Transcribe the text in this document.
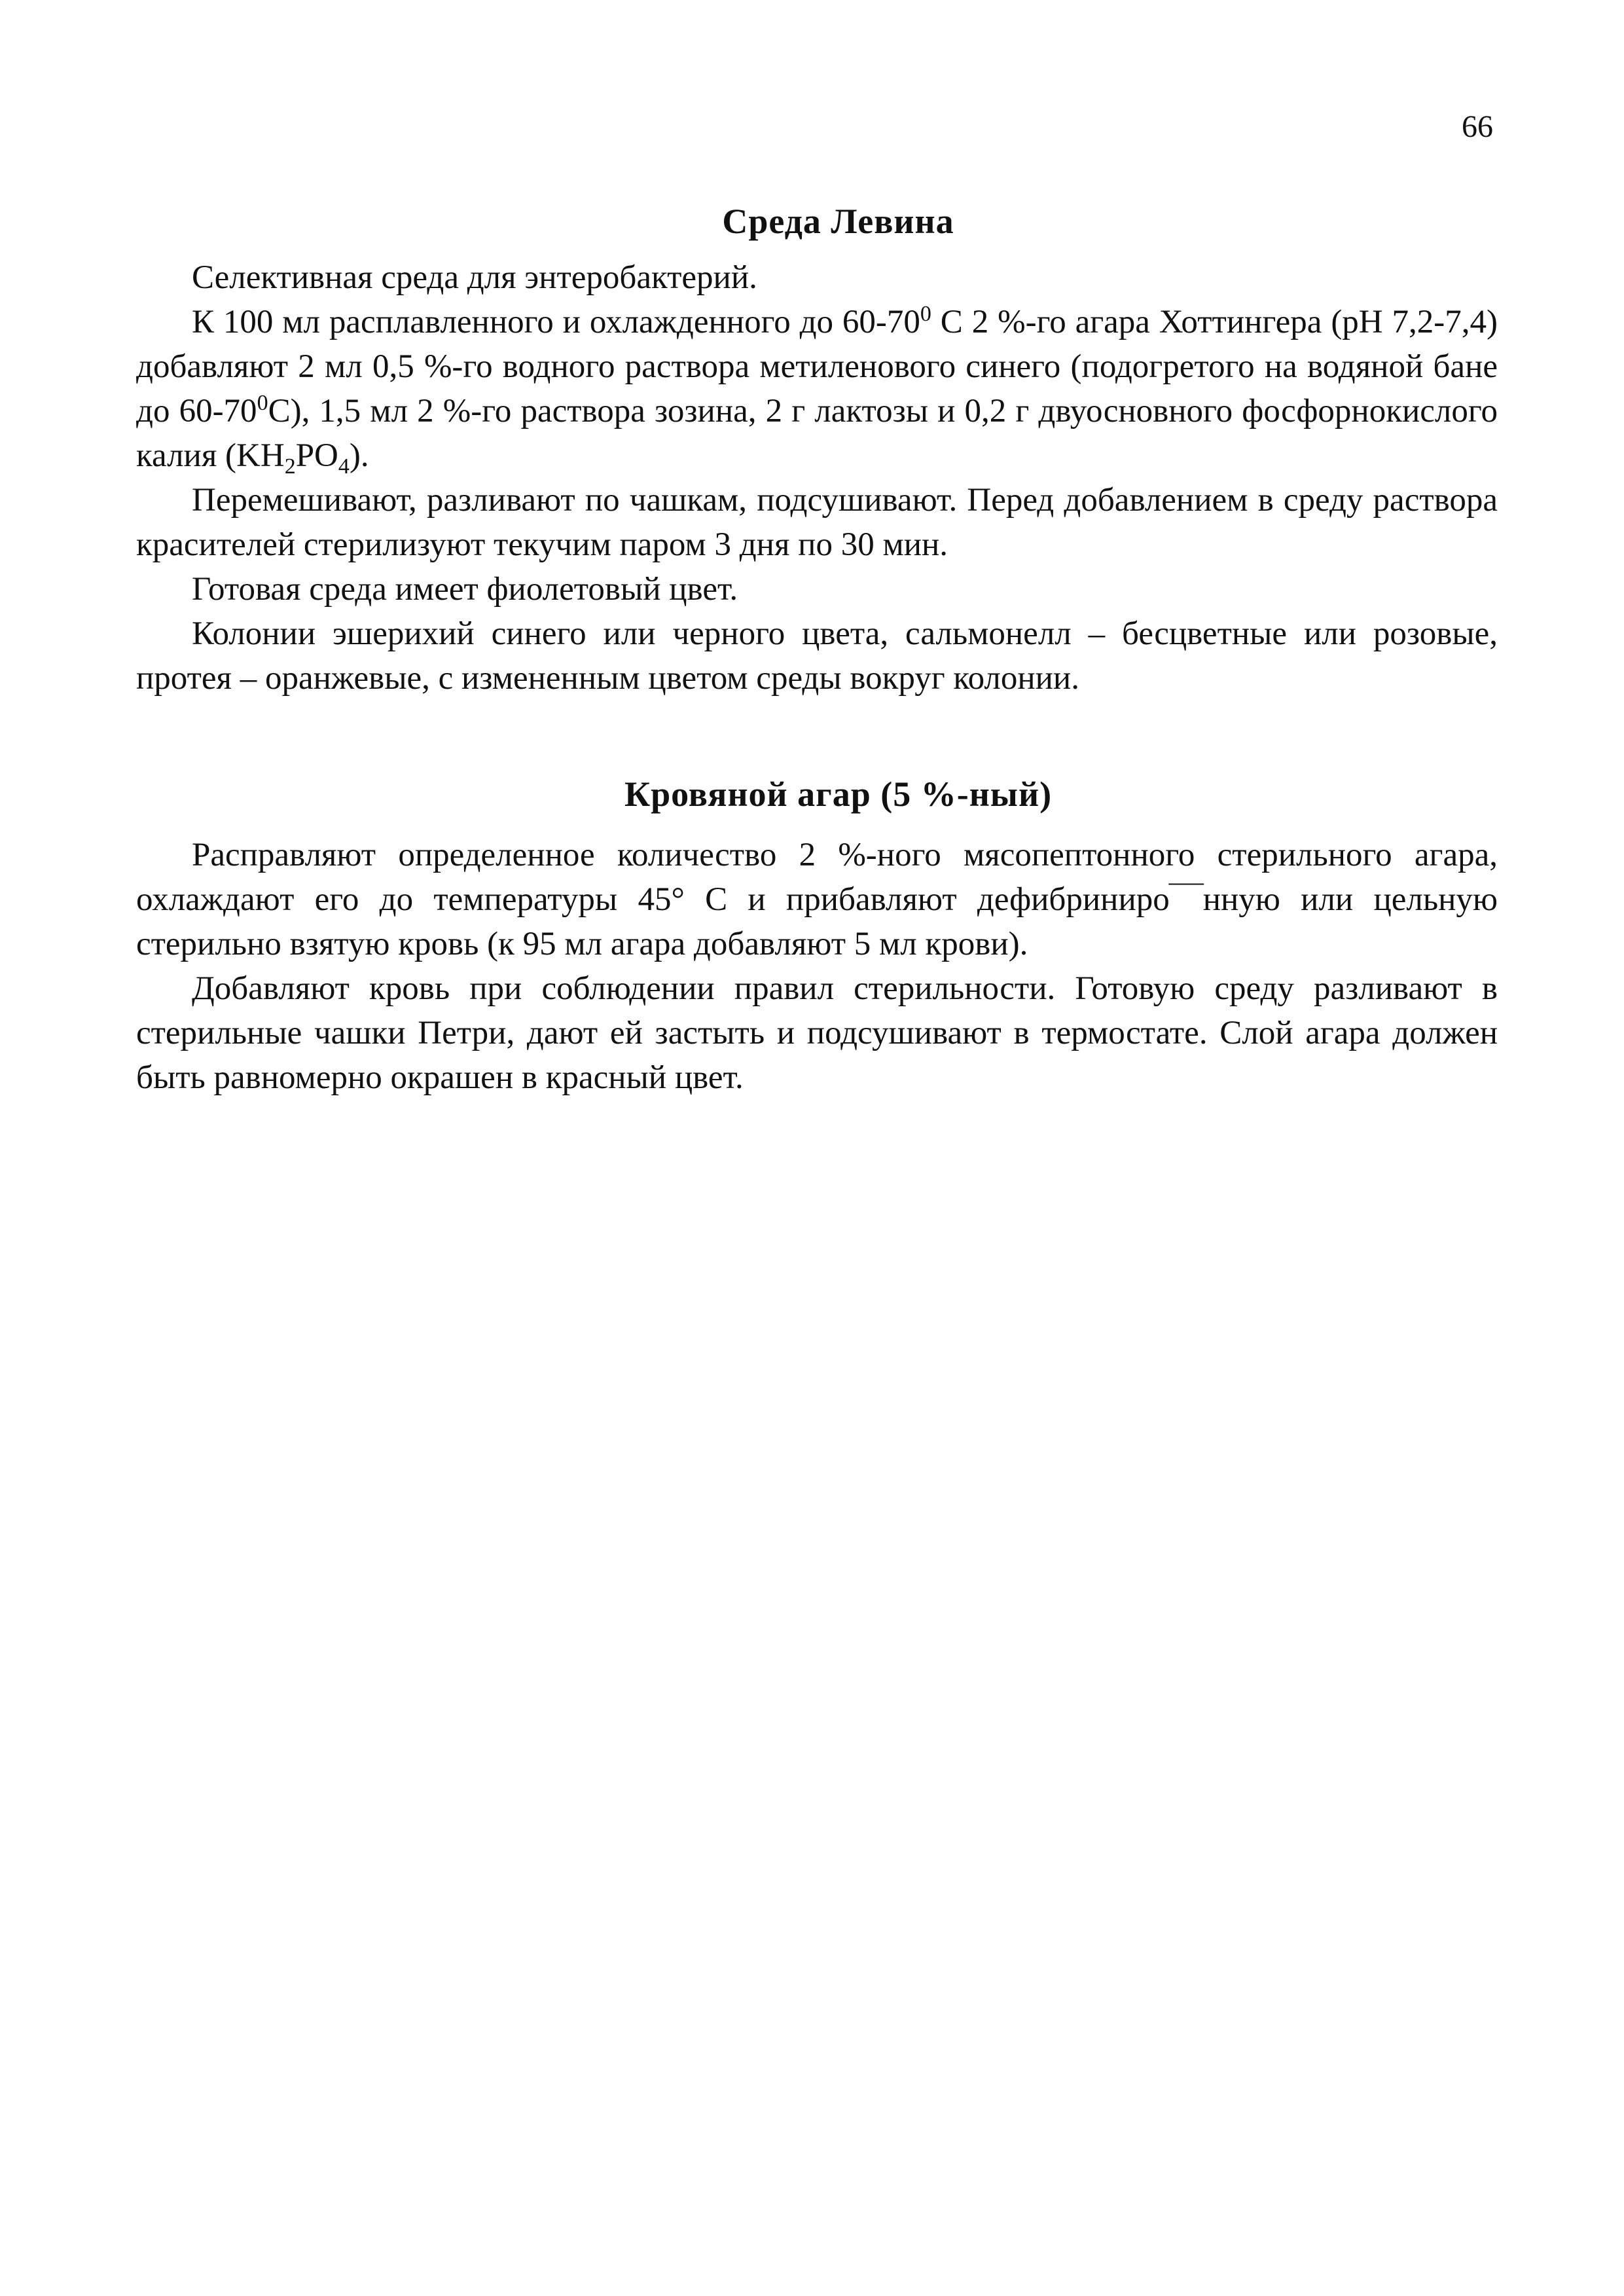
66
Среда Левина

Селективная среда для энтеробактерий.

К 100 мл расплавленного и охлажденного до $60-70^0$ С 2 %-го агара Хоттингера (pH 7,2-7,4) добавляют 2 мл 0,5 %-го водного раствора метиленового синего (подогретого на водяной бане до $60-70^0С$), 1,5 мл 2 %-го раствора зозина, 2 г лактозы и 0,2 г двуосновного фосфорнокислого калия $(KH_2PO_4)$.

Перемешивают, разливают по чашкам, подсушивают. Перед добавлением в среду раствора красителей стерилизуют текучим паром 3 дня по 30 мин.

Готовая среда имеет фиолетовый цвет.

Колонии эшерихий синего или черного цвета, сальмонелл – бесцветные или розовые, протея – оранжевые, с измененным цветом среды вокруг колонии.

Кровяной агар (5 %-ный)

Расправляют определенное количество 2 %-ного мясопептонного стерильного агара, охлаждают его до температуры 45° С и прибавляют дефибриниро‾‾‾нную или цельную стерильно взятую кровь (к 95 мл агара добавляют 5 мл крови).

Добавляют кровь при соблюдении правил стерильности. Готовую среду разливают в стерильные чашки Петри, дают ей застыть и подсушивают в термостате. Слой агара должен быть равномерно окрашен в красный цвет.
